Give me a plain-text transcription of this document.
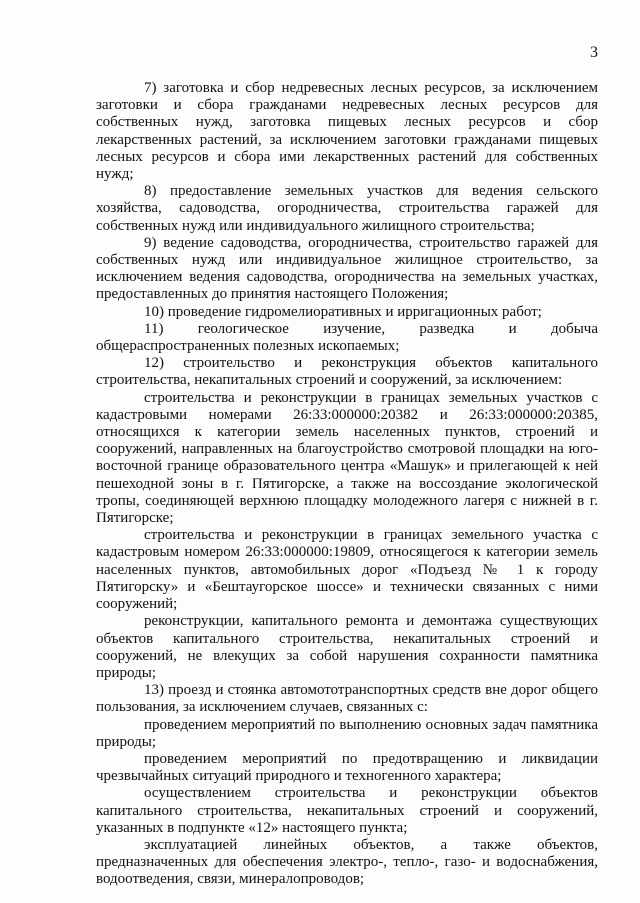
3

7) заготовка и сбор недревесных лесных ресурсов, за исключением заготовки и сбора гражданами недревесных лесных ресурсов для собственных нужд, заготовка пищевых лесных ресурсов и сбор лекарственных растений, за исключением заготовки гражданами пищевых лесных ресурсов и сбора ими лекарственных растений для собственных нужд;

8) предоставление земельных участков для ведения сельского хозяйства, садоводства, огородничества, строительства гаражей для собственных нужд или индивидуального жилищного строительства;

9) ведение садоводства, огородничества, строительство гаражей для собственных нужд или индивидуальное жилищное строительство, за исключением ведения садоводства, огородничества на земельных участках, предоставленных до принятия настоящего Положения;

10) проведение гидромелиоративных и ирригационных работ;

11) геологическое изучение, разведка и добыча общераспространенных полезных ископаемых;

12) строительство и реконструкция объектов капитального строительства, некапитальных строений и сооружений, за исключением:

строительства и реконструкции в границах земельных участков с кадастровыми номерами 26:33:000000:20382 и 26:33:000000:20385, относящихся к категории земель населенных пунктов, строений и сооружений, направленных на благоустройство смотровой площадки на юго-восточной границе образовательного центра «Машук» и прилегающей к ней пешеходной зоны в г. Пятигорске, а также на воссоздание экологической тропы, соединяющей верхнюю площадку молодежного лагеря с нижней в г. Пятигорске;

строительства и реконструкции в границах земельного участка с кадастровым номером 26:33:000000:19809, относящегося к категории земель населенных пунктов, автомобильных дорог «Подъезд № 1 к городу Пятигорску» и «Бештаугорское шоссе» и технически связанных с ними сооружений;

реконструкции, капитального ремонта и демонтажа существующих объектов капитального строительства, некапитальных строений и сооружений, не влекущих за собой нарушения сохранности памятника природы;

13) проезд и стоянка автомототранспортных средств вне дорог общего пользования, за исключением случаев, связанных с:

проведением мероприятий по выполнению основных задач памятника природы;

проведением мероприятий по предотвращению и ликвидации чрезвычайных ситуаций природного и техногенного характера;

осуществлением строительства и реконструкции объектов капитального строительства, некапитальных строений и сооружений, указанных в подпункте «12» настоящего пункта;

эксплуатацией линейных объектов, а также объектов, предназначенных для обеспечения электро-, тепло-, газо- и водоснабжения, водоотведения, связи, минералопроводов;
